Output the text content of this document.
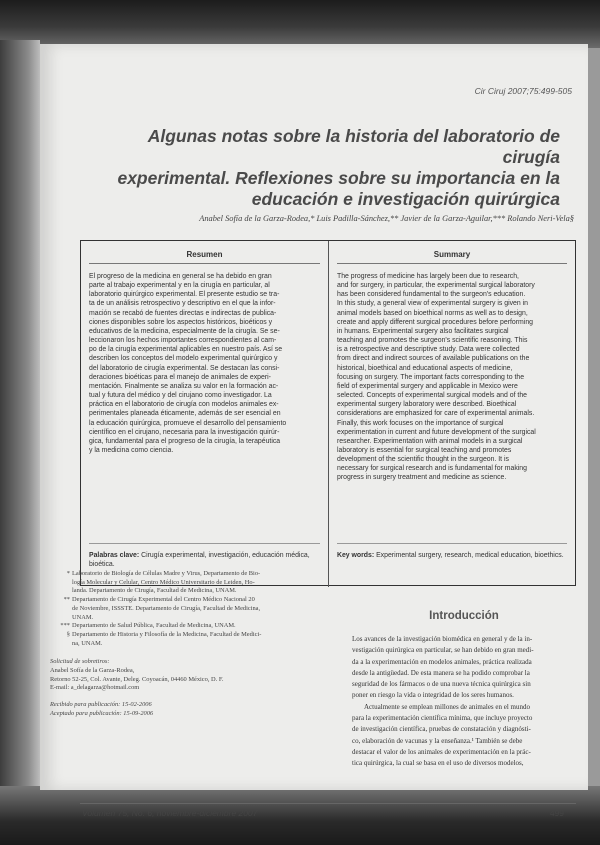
Cir Ciruj 2007;75:499-505
Algunas notas sobre la historia del laboratorio de cirugía
experimental. Reflexiones sobre su importancia en la
educación e investigación quirúrgica
Anabel Sofía de la Garza-Rodea,* Luis Padilla-Sánchez,** Javier de la Garza-Aguilar,*** Rolando Neri-Vela§
Resumen
El progreso de la medicina en general se ha debido en gran
parte al trabajo experimental y en la cirugía en particular, al
laboratorio quirúrgico experimental. El presente estudio se tra-
ta de un análisis retrospectivo y descriptivo en el que la infor-
mación se recabó de fuentes directas e indirectas de publica-
ciones disponibles sobre los aspectos históricos, bioéticos y
educativos de la medicina, especialmente de la cirugía. Se se-
leccionaron los hechos importantes correspondientes al cam-
po de la cirugía experimental aplicables en nuestro país. Así se
describen los conceptos del modelo experimental quirúrgico y
del laboratorio de cirugía experimental. Se destacan las consi-
deraciones bioéticas para el manejo de animales de experi-
mentación. Finalmente se analiza su valor en la formación ac-
tual y futura del médico y del cirujano como investigador. La
práctica en el laboratorio de cirugía con modelos animales ex-
perimentales planeada éticamente, además de ser esencial en
la educación quirúrgica, promueve el desarrollo del pensamiento
científico en el cirujano, necesaria para la investigación quirúr-
gica, fundamental para el progreso de la cirugía, la terapéutica
y la medicina como ciencia.
Palabras clave: Cirugía experimental, investigación, educación médica, bioética.
Summary
The progress of medicine has largely been due to research,
and for surgery, in particular, the experimental surgical laboratory
has been considered fundamental to the surgeon's education.
In this study, a general view of experimental surgery is given in
animal models based on bioethical norms as well as to design,
create and apply different surgical procedures before performing
in humans. Experimental surgery also facilitates surgical
teaching and promotes the surgeon's scientific reasoning. This
is a retrospective and descriptive study. Data were collected
from direct and indirect sources of available publications on the
historical, bioethical and educational aspects of medicine,
focusing on surgery. The important facts corresponding to the
field of experimental surgery and applicable in Mexico were
selected. Concepts of experimental surgical models and of the
experimental surgery laboratory were described. Bioethical
considerations are emphasized for care of experimental animals.
Finally, this work focuses on the importance of surgical
experimentation in current and future development of the surgical
researcher. Experimentation with animal models in a surgical
laboratory is essential for surgical teaching and promotes
development of the scientific thought in the surgeon. It is
necessary for surgical research and is fundamental for making
progress in surgery treatment and medicine as science.
Key words: Experimental surgery, research, medical education, bioethics.
Introducción
Los avances de la investigación biomédica en general y de la in-
vestigación quirúrgica en particular, se han debido en gran medi-
da a la experimentación en modelos animales, práctica realizada
desde la antigüedad. De esta manera se ha podido comprobar la
seguridad de los fármacos o de una nueva técnica quirúrgica sin
poner en riesgo la vida o integridad de los seres humanos.
Actualmente se emplean millones de animales en el mundo
para la experimentación científica mínima, que incluye proyecto
de investigación científica, pruebas de constatación y diagnósti-
co, elaboración de vacunas y la enseñanza.¹ También se debe
destacar el valor de los animales de experimentación en la prác-
tica quirúrgica, la cual se basa en el uso de diversos modelos,
Volumen 75, No. 6, noviembre-diciembre 2007	499
* Laboratorio de Biología de Células Madre y Virus, Departamento de Bio-
logía Molecular y Celular, Centro Médico Universitario de Leiden, Ho-
landa. Departamento de Cirugía, Facultad de Medicina, UNAM.
** Departamento de Cirugía Experimental del Centro Médico Nacional 20
de Noviembre, ISSSTE. Departamento de Cirugía, Facultad de Medicina,
UNAM.
*** Departamento de Salud Pública, Facultad de Medicina, UNAM.
§ Departamento de Historia y Filosofía de la Medicina, Facultad de Medici-
na, UNAM.
Solicitud de sobretiros:
Anabel Sofía de la Garza-Rodea,
Retorno 52-25, Col. Avante, Deleg. Coyoacán, 04460 México, D. F.
E-mail: a_delagarza@hotmail.com
Recibido para publicación: 15-02-2006
Aceptado para publicación: 15-09-2006
